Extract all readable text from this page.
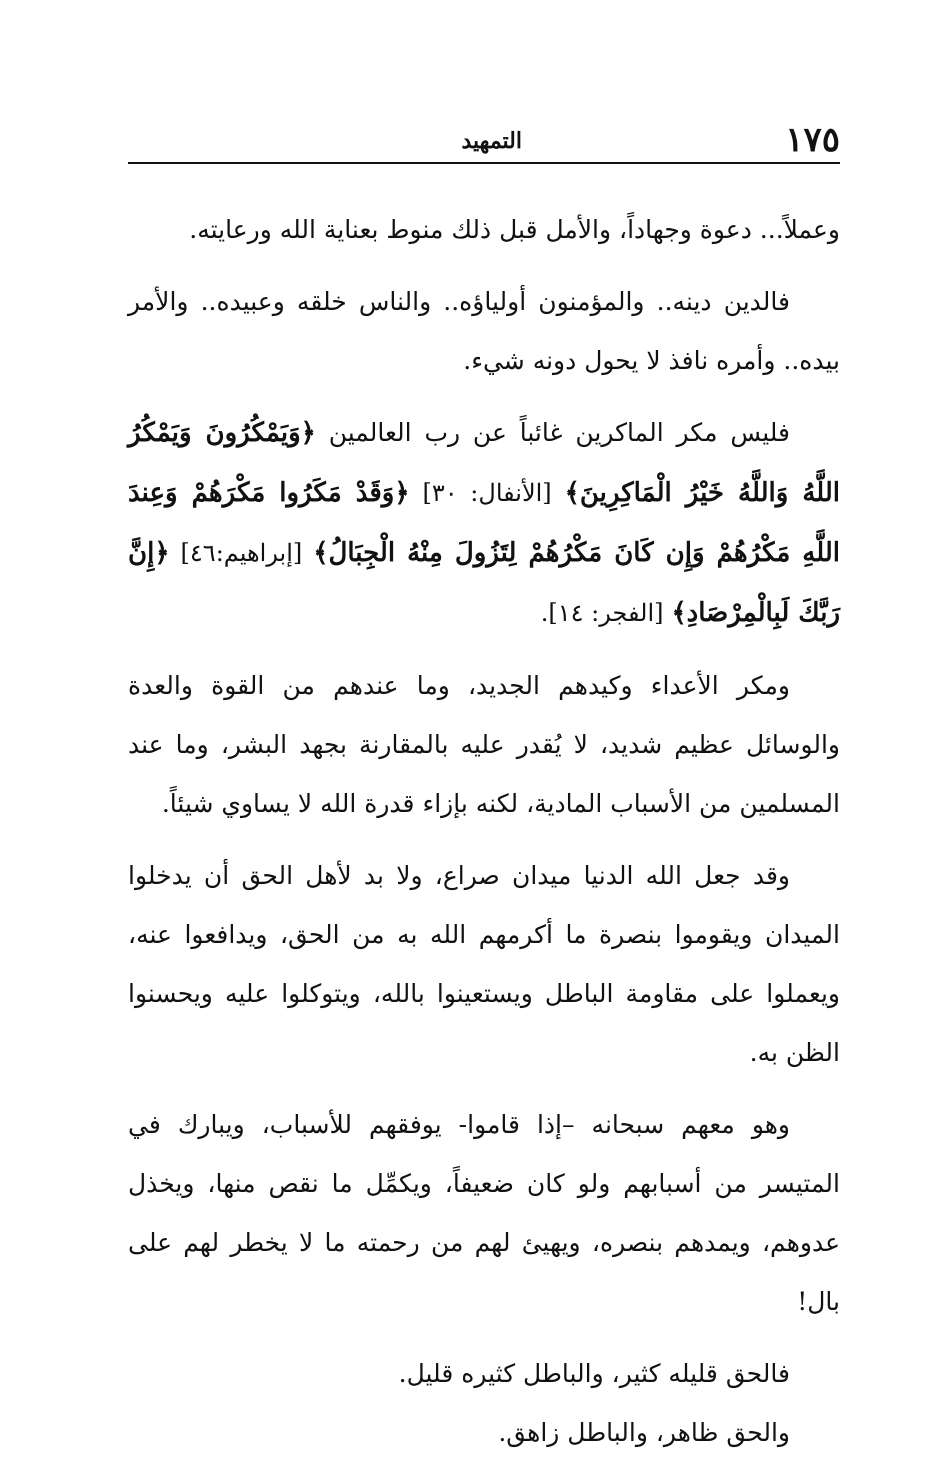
١٧٥
التمهيد

وعملاً... دعوة وجهاداً، والأمل قبل ذلك منوط بعناية الله ورعايته.

فالدين دينه.. والمؤمنون أولياؤه.. والناس خلقه وعبيده.. والأمر بيده.. وأمره نافذ لا يحول دونه شيء.

فليس مكر الماكرين غائباً عن رب العالمين ﴿وَيَمْكُرُونَ وَيَمْكُرُ اللَّهُ وَاللَّهُ خَيْرُ الْمَاكِرِينَ﴾ [الأنفال: ٣٠] ﴿وَقَدْ مَكَرُوا مَكْرَهُمْ وَعِندَ اللَّهِ مَكْرُهُمْ وَإِن كَانَ مَكْرُهُمْ لِتَزُولَ مِنْهُ الْجِبَالُ﴾ [إبراهيم:٤٦] ﴿إِنَّ رَبَّكَ لَبِالْمِرْصَادِ﴾ [الفجر: ١٤].

ومكر الأعداء وكيدهم الجديد، وما عندهم من القوة والعدة والوسائل عظيم شديد، لا يُقدر عليه بالمقارنة بجهد البشر، وما عند المسلمين من الأسباب المادية، لكنه بإزاء قدرة الله لا يساوي شيئاً.

وقد جعل الله الدنيا ميدان صراع، ولا بد لأهل الحق أن يدخلوا الميدان ويقوموا بنصرة ما أكرمهم الله به من الحق، ويدافعوا عنه، ويعملوا على مقاومة الباطل ويستعينوا بالله، ويتوكلوا عليه ويحسنوا الظن به.

وهو معهم سبحانه –إذا قاموا- يوفقهم للأسباب، ويبارك في المتيسر من أسبابهم ولو كان ضعيفاً، ويكمِّل ما نقص منها، ويخذل عدوهم، ويمدهم بنصره، ويهيئ لهم من رحمته ما لا يخطر لهم على بال!

فالحق قليله كثير، والباطل كثيره قليل.

والحق ظاهر، والباطل زاهق.
